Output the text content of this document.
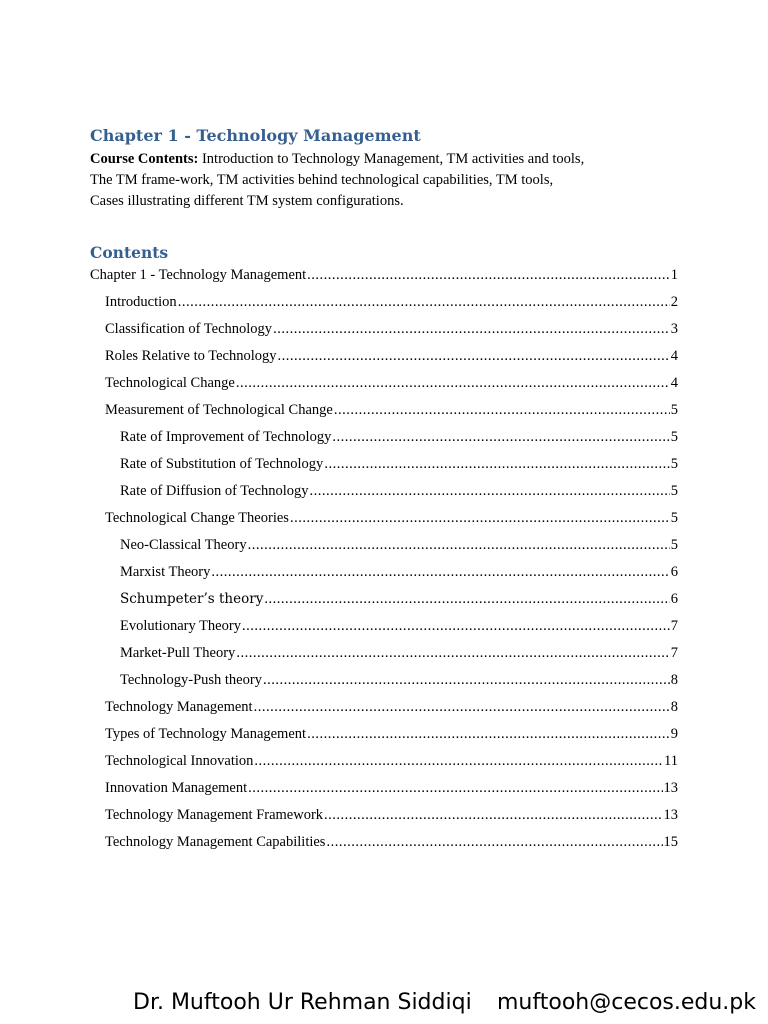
Chapter 1 - Technology Management
Course Contents: Introduction to Technology Management, TM activities and tools, The TM frame-work, TM activities behind technological capabilities, TM tools, Cases illustrating different TM system configurations.
Contents
Chapter 1 - Technology Management .....	1
Introduction .....	2
Classification of Technology .....	3
Roles Relative to Technology .....	4
Technological Change .....	4
Measurement of Technological Change .....	5
Rate of Improvement of Technology .....	5
Rate of Substitution of Technology .....	5
Rate of Diffusion of Technology .....	5
Technological Change Theories .....	5
Neo-Classical Theory .....	5
Marxist Theory .....	6
Schumpeter’s theory .....	6
Evolutionary Theory .....	7
Market-Pull Theory .....	7
Technology-Push theory .....	8
Technology Management .....	8
Types of Technology Management .....	9
Technological Innovation .....	11
Innovation Management .....	13
Technology Management Framework .....	13
Technology Management Capabilities .....	15
Dr. Muftooh Ur Rehman Siddiqi muftooh@cecos.edu.pk
